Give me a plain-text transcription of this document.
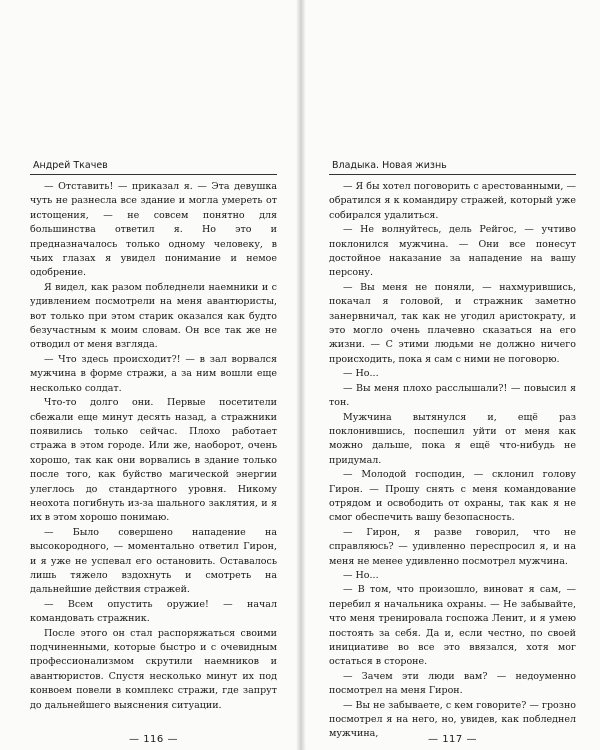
Андрей Ткачев

— Отставить! — приказал я. — Эта девушка чуть не разнесла все здание и могла умереть от истощения, — не совсем понятно для большинства ответил я. Но это и предназначалось только одному человеку, в чьих глазах я увидел понимание и немое одобрение.

Я видел, как разом побледнели наемники и с удивлением посмотрели на меня авантюристы, вот только при этом старик оказался как будто безучастным к моим словам. Он все так же не отводил от меня взгляда.

— Что здесь происходит?! — в зал ворвался мужчина в форме стражи, а за ним вошли еще несколько солдат.

Что-то долго они. Первые посетители сбежали еще минут десять назад, а стражники появились только сейчас. Плохо работает стража в этом городе. Или же, наоборот, очень хорошо, так как они ворвались в здание только после того, как буйство магической энергии улеглось до стандартного уровня. Никому неохота погибнуть из-за шального заклятия, и я их в этом хорошо понимаю.

— Было совершено нападение на высокородного, — моментально ответил Гирон, и я уже не успевал его остановить. Оставалось лишь тяжело вздохнуть и смотреть на дальнейшие действия стражей.

— Всем опустить оружие! — начал командовать стражник.

После этого он стал распоряжаться своими подчиненными, которые быстро и с очевидным профессионализмом скрутили наемников и авантюристов. Спустя несколько минут их под конвоем повели в комплекс стражи, где запрут до дальнейшего выяснения ситуации.

— 116 —
Владыка. Новая жизнь

— Я бы хотел поговорить с арестованными, — обратился я к командиру стражей, который уже собирался удалиться.

— Не волнуйтесь, дель Рейгос, — учтиво поклонился мужчина. — Они все понесут достойное наказание за нападение на вашу персону.

— Вы меня не поняли, — нахмурившись, покачал я головой, и стражник заметно занервничал, так как не угодил аристократу, и это могло очень плачевно сказаться на его жизни. — С этими людьми не должно ничего происходить, пока я сам с ними не поговорю.

— Но...

— Вы меня плохо расслышали?! — повысил я тон.

Мужчина вытянулся и, ещё раз поклонившись, поспешил уйти от меня как можно дальше, пока я ещё что-нибудь не придумал.

— Молодой господин, — склонил голову Гирон. — Прошу снять с меня командование отрядом и освободить от охраны, так как я не смог обеспечить вашу безопасность.

— Гирон, я разве говорил, что не справляюсь? — удивленно переспросил я, и на меня не менее удивленно посмотрел мужчина.

— Но...

— В том, что произошло, виноват я сам, — перебил я начальника охраны. — Не забывайте, что меня тренировала госпожа Ленит, и я умею постоять за себя. Да и, если честно, по своей инициативе во все это ввязался, хотя мог остаться в стороне.

— Зачем эти люди вам? — недоуменно посмотрел на меня Гирон.

— Вы не забываете, с кем говорите? — грозно посмотрел я на него, но, увидев, как побледнел мужчина,

— 117 —
